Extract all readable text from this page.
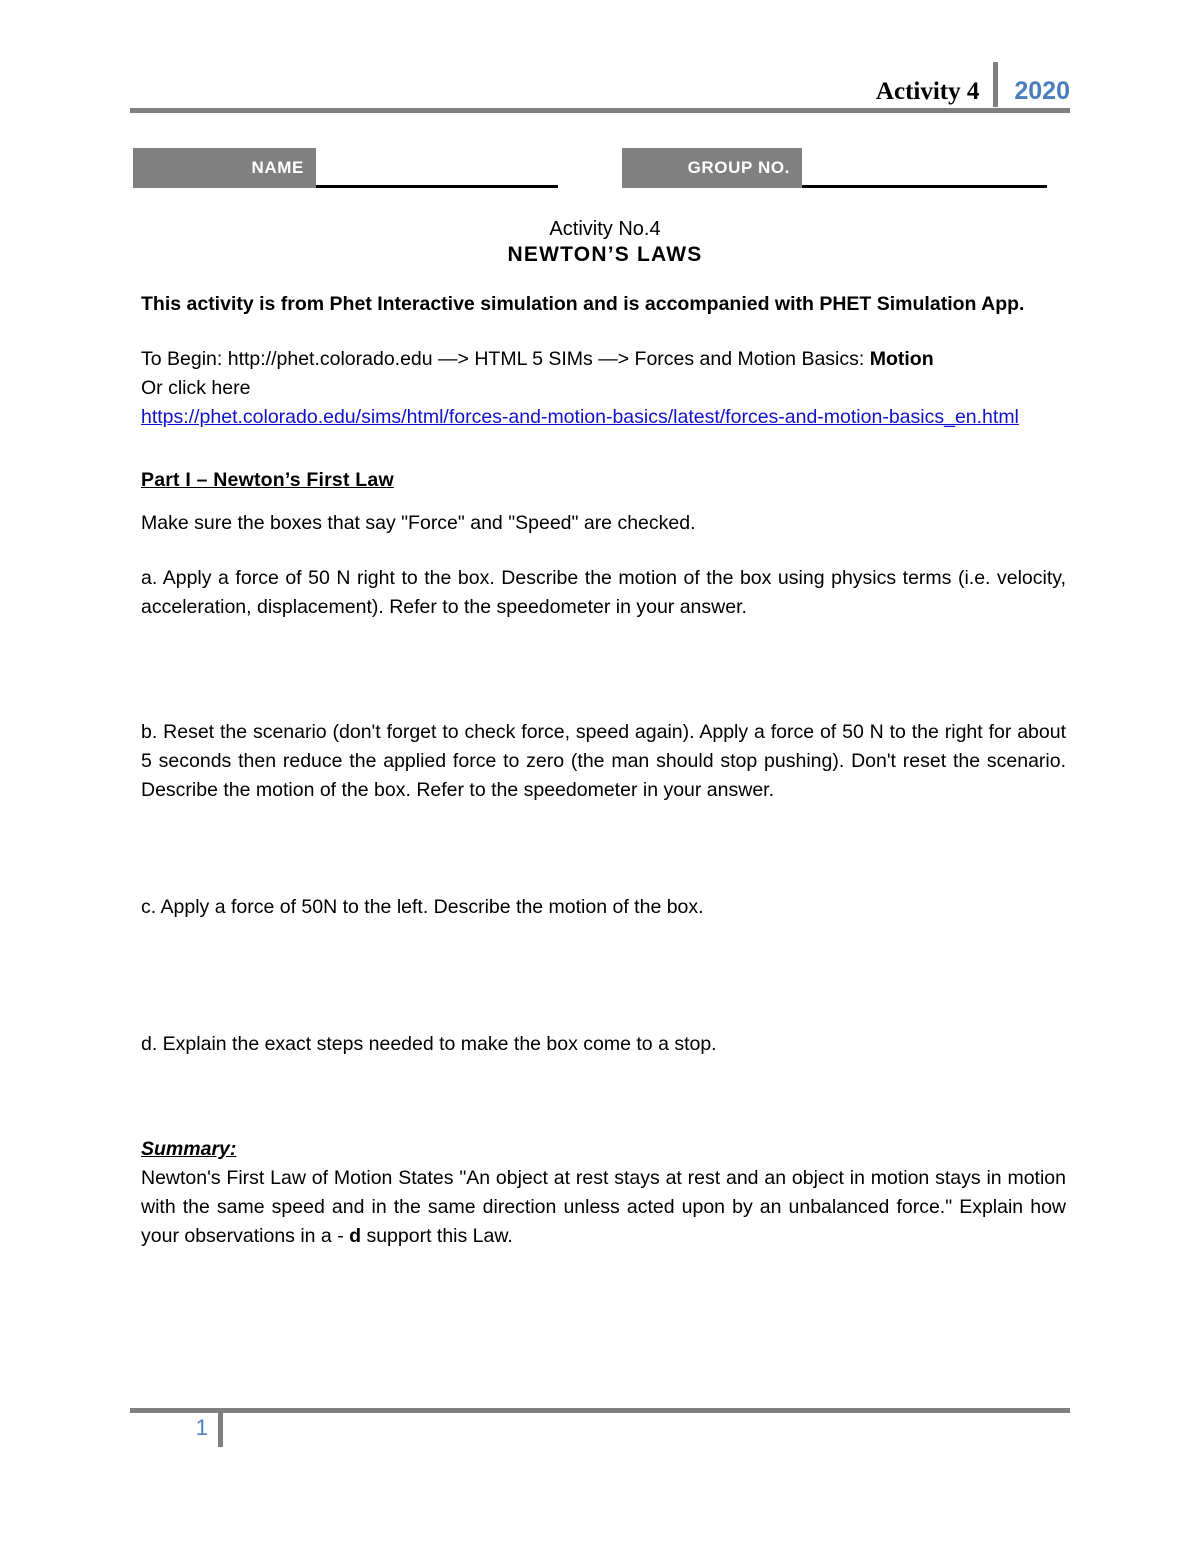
Activity 4	2020
NAME	GROUP NO.
Activity No.4
NEWTON’S LAWS

This activity is from Phet Interactive simulation and is accompanied with PHET Simulation App.

To Begin: http://phet.colorado.edu —> HTML 5 SIMs —> Forces and Motion Basics: Motion

Or click here

https://phet.colorado.edu/sims/html/forces-and-motion-basics/latest/forces-and-motion-basics_en.html

Part I – Newton’s First Law

Make sure the boxes that say "Force" and "Speed" are checked.

a. Apply a force of 50 N right to the box. Describe the motion of the box using physics terms (i.e. velocity, acceleration, displacement). Refer to the speedometer in your answer.

b. Reset the scenario (don't forget to check force, speed again). Apply a force of 50 N to the right for about 5 seconds then reduce the applied force to zero (the man should stop pushing). Don't reset the scenario. Describe the motion of the box. Refer to the speedometer in your answer.

c. Apply a force of 50N to the left. Describe the motion of the box.

d. Explain the exact steps needed to make the box come to a stop.

Summary:

Newton's First Law of Motion States "An object at rest stays at rest and an object in motion stays in motion with the same speed and in the same direction unless acted upon by an unbalanced force." Explain how your observations in a - d support this Law.

1
